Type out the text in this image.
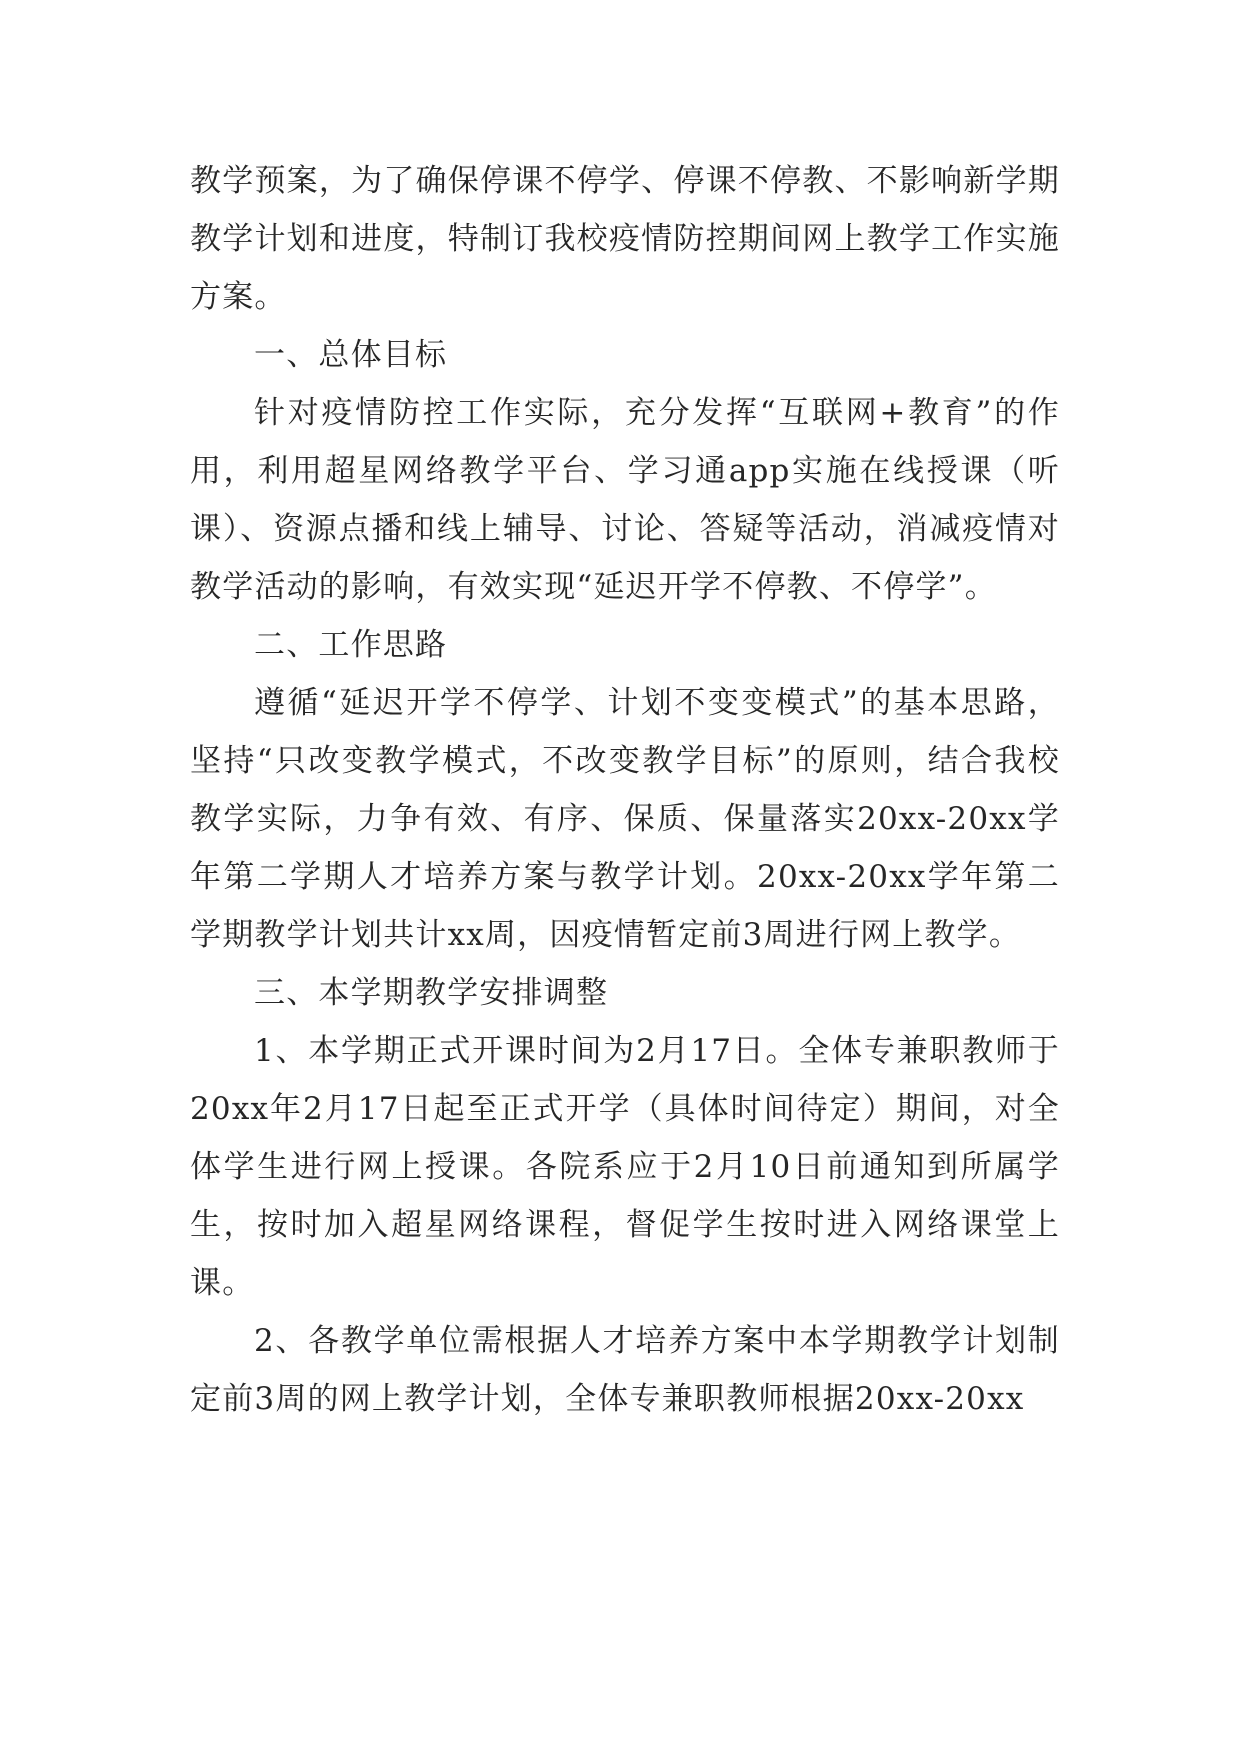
教学预案，为了确保停课不停学、停课不停教、不影响新学期教学计划和进度，特制订我校疫情防控期间网上教学工作实施方案。

一、总体目标

针对疫情防控工作实际，充分发挥“互联网+教育”的作用，利用超星网络教学平台、学习通app实施在线授课（听课）、资源点播和线上辅导、讨论、答疑等活动，消减疫情对教学活动的影响，有效实现“延迟开学不停教、不停学”。

二、工作思路

遵循“延迟开学不停学、计划不变变模式”的基本思路，坚持“只改变教学模式，不改变教学目标”的原则，结合我校教学实际，力争有效、有序、保质、保量落实20xx-20xx学年第二学期人才培养方案与教学计划。20xx-20xx学年第二学期教学计划共计xx周，因疫情暂定前3周进行网上教学。

三、本学期教学安排调整

1、本学期正式开课时间为2月17日。全体专兼职教师于20xx年2月17日起至正式开学（具体时间待定）期间，对全体学生进行网上授课。各院系应于2月10日前通知到所属学生，按时加入超星网络课程，督促学生按时进入网络课堂上课。

2、各教学单位需根据人才培养方案中本学期教学计划制定前3周的网上教学计划，全体专兼职教师根据20xx-20xx
